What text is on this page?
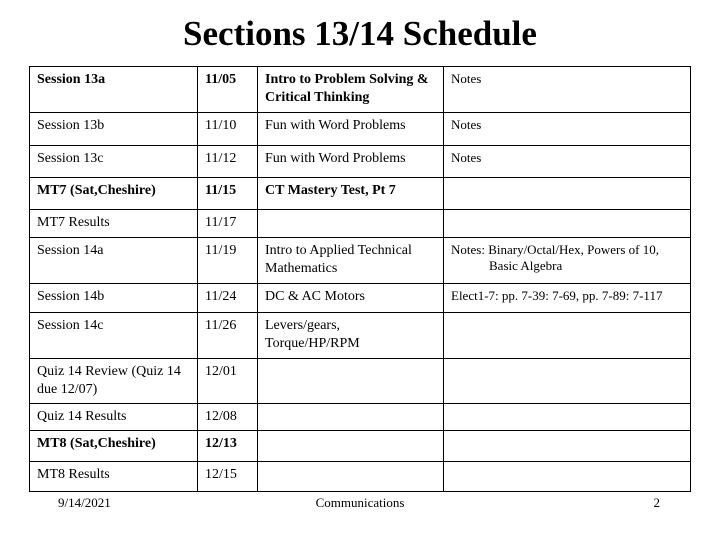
Sections 13/14 Schedule
Session 13a	11/05	Intro to Problem Solving & Critical Thinking	Notes
Session 13b	11/10	Fun with Word Problems	Notes
Session 13c	11/12	Fun with Word Problems	Notes
MT7 (Sat,Cheshire)	11/15	CT Mastery Test, Pt 7	
MT7 Results	11/17		
Session 14a	11/19	Intro to Applied Technical Mathematics	Notes: Binary/Octal/Hex, Powers of 10,
Basic Algebra

Session 14b	11/24	DC & AC Motors	Elect1-7: pp. 7-39: 7-69, pp. 7-89: 7-117
Session 14c	11/26	Levers/gears, Torque/HP/RPM	
Quiz 14 Review (Quiz 14 due 12/07)	12/01		
Quiz 14 Results	12/08		
MT8 (Sat,Cheshire)	12/13		
MT8 Results	12/15		
9/14/2021	Communications	2
